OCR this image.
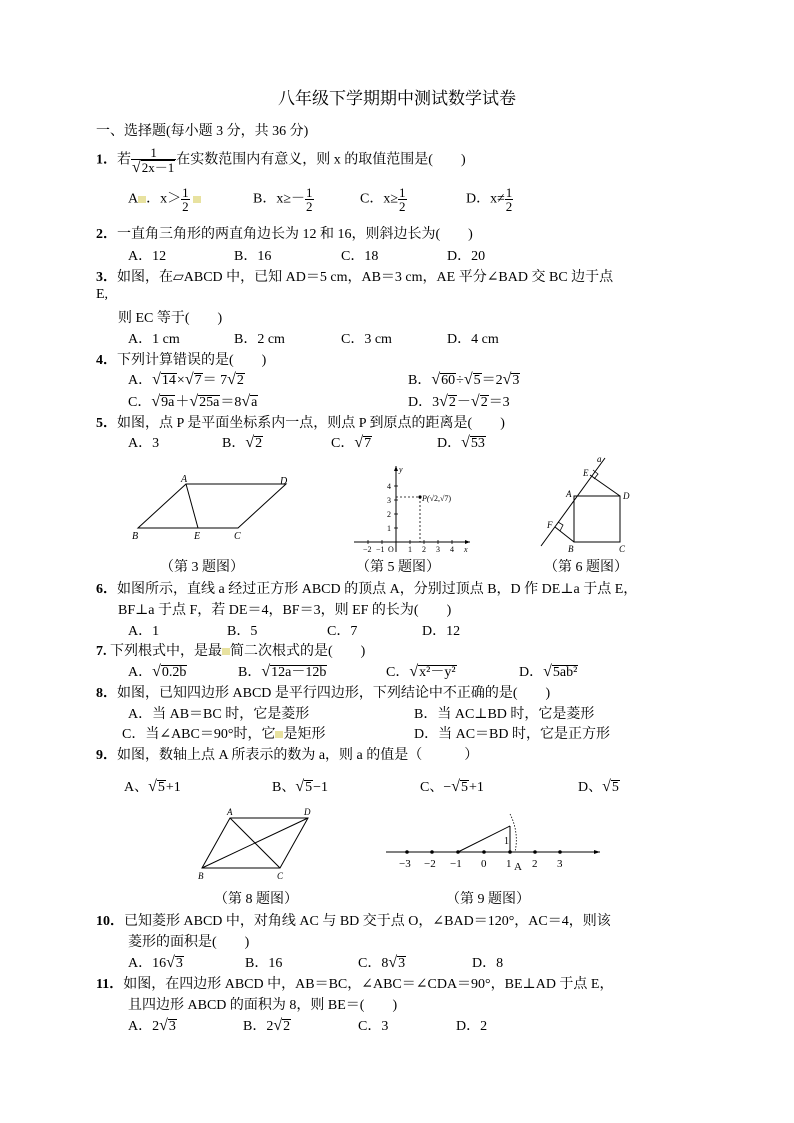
八年级下学期期中测试数学试卷
一、选择题(每小题 3 分，共 36 分)
1．若 $\frac{1}{√2x-1}$ 在实数范围内有意义，则 x 的取值范围是(　　)
A ．$x> \frac{1}{2}$
	B．$x\ge- \frac{1}{2}$	C．$x\ge \frac{1}{2}$	D．$x\ne \frac{1}{2}$
2．一直角三角形的两直角边长为 12 和 16，则斜边长为(　　)
A．12	B．16	C．18	D．20
3．如图，在▱ABCD 中，已知 AD＝5 cm，AB＝3 cm，AE 平分∠BAD 交 BC 边于点
E,
则 EC 等于(　　)
A．1 cm	B．2 cm	C．3 cm	D．4 cm
4．下列计算错误的是(　　)
A．√14×√7＝ 7√2	B．√60÷√5＝2√3
C．√9a＋√25a＝8√a	D．3√2－√2＝3
5．如图，点 P 是平面坐标系内一点，则点 P 到原点的距离是(　　)
A．3	B．√2	C．√7	D．√53
A	D
B	E	C
（第 3 题图）
y
x
O
−2 −1	1 2 3 4
1
2
3
4
P(√2,√7)
（第 5 题图）
a
E
A	D
F
B	C
（第 6 题图）
6．如图所示，直线 a 经过正方形 ABCD 的顶点 A，分别过顶点 B，D 作 DE⊥a 于点 E，
BF⊥a 于点 F，若 DE＝4，BF＝3，则 EF 的长为(　　)
A．1	B．5	C．7	D．12
7. 下列根式中，是最 简二次根式的是(　　)
A．√0.2b	B．√12a－12b	C．√x²－y²	D．√5ab²
8．如图，已知四边形 ABCD 是平行四边形，下列结论中不正确的是(　　)
A．当 AB＝BC 时，它是菱形	B．当 AC⊥BD 时，它是菱形
C．当∠ABC＝90°时，它 是矩形	D．当 AC＝BD 时，它是正方形
9．如图，数轴上点 A 所表示的数为 a，则 a 的值是（　　　）
A、√5+1	B、√5−1	C、−√5+1	D、√5
A	D
B	C
（第 8 题图）
−3 −2 −1 0 1 2 3
1
A
（第 9 题图）
10．已知菱形 ABCD 中，对角线 AC 与 BD 交于点 O，∠BAD＝120°，AC＝4，则该
菱形的面积是(　　)
A．16√3	B．16	C．8√3	D．8
11．如图，在四边形 ABCD 中，AB＝BC，∠ABC＝∠CDA＝90°，BE⊥AD 于点 E，
且四边形 ABCD 的面积为 8，则 BE＝(　　)
A．2√3	B．2√2	C．3	D．2
